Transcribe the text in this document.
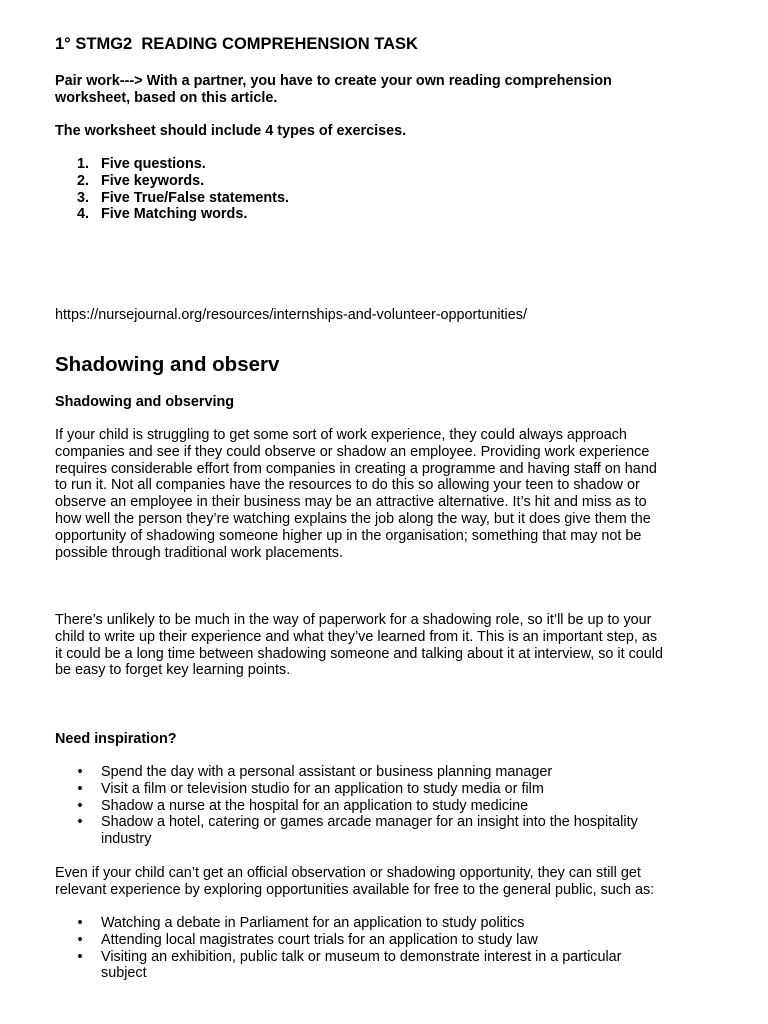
1° STMG2  READING COMPREHENSION TASK
Pair work---> With a partner, you have to create your own reading comprehension
worksheet, based on this article.
The worksheet should include 4 types of exercises.
1. Five questions.
2. Five keywords.
3. Five True/False statements.
4. Five Matching words.
https://nursejournal.org/resources/internships-and-volunteer-opportunities/
Shadowing and observ
Shadowing and observing
If your child is struggling to get some sort of work experience, they could always approach
companies and see if they could observe or shadow an employee. Providing work experience
requires considerable effort from companies in creating a programme and having staff on hand
to run it. Not all companies have the resources to do this so allowing your teen to shadow or
observe an employee in their business may be an attractive alternative. It’s hit and miss as to
how well the person they’re watching explains the job along the way, but it does give them the
opportunity of shadowing someone higher up in the organisation; something that may not be
possible through traditional work placements.
There’s unlikely to be much in the way of paperwork for a shadowing role, so it’ll be up to your
child to write up their experience and what they’ve learned from it. This is an important step, as
it could be a long time between shadowing someone and talking about it at interview, so it could
be easy to forget key learning points.
Need inspiration?
• Spend the day with a personal assistant or business planning manager
• Visit a film or television studio for an application to study media or film
• Shadow a nurse at the hospital for an application to study medicine
• Shadow a hotel, catering or games arcade manager for an insight into the hospitality
industry
Even if your child can’t get an official observation or shadowing opportunity, they can still get
relevant experience by exploring opportunities available for free to the general public, such as:
• Watching a debate in Parliament for an application to study politics
• Attending local magistrates court trials for an application to study law
• Visiting an exhibition, public talk or museum to demonstrate interest in a particular
subject
